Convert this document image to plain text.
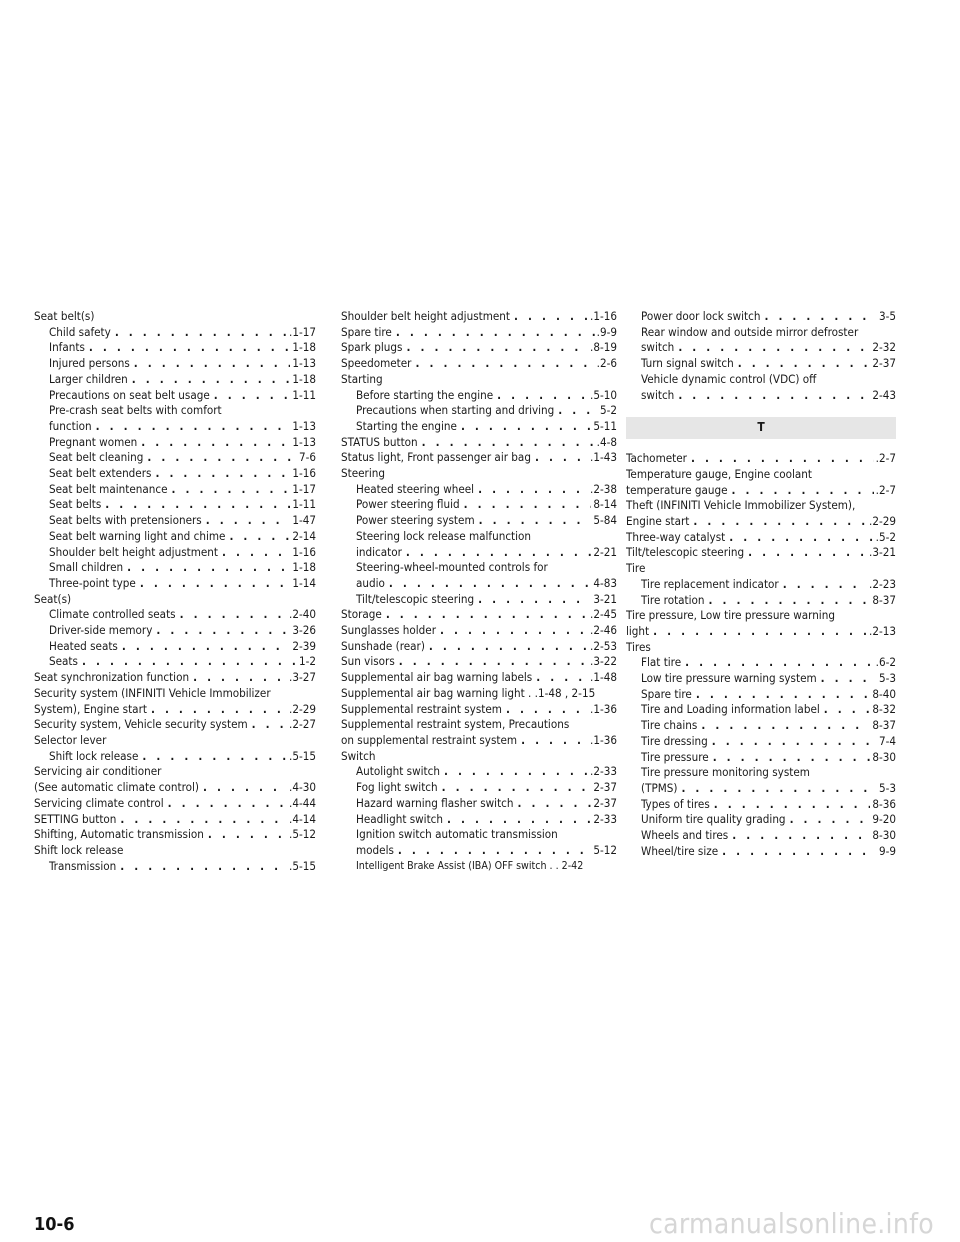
Seat belt(s)
Child safety . . .	.1-17
Infants . . .	1-18
Injured persons . . .	1-13
Larger children . . .	1-18
Precautions on seat belt usage . . .	1-11
Pre-crash seat belts with comfort
function . . .	1-13
Pregnant women . . .	1-13
Seat belt cleaning . . .	7-6
Seat belt extenders . . .	1-16
Seat belt maintenance . . .	1-17
Seat belts . . .	1-11
Seat belts with pretensioners . . .	1-47
Seat belt warning light and chime . . .	2-14
Shoulder belt height adjustment . . .	1-16
Small children . . .	1-18
Three-point type . . .	1-14
Seat(s)
Climate controlled seats . . .	.2-40
Driver-side memory . . .	3-26
Heated seats . . .	2-39
Seats . . .	1-2
Seat synchronization function . . .	.3-27
Security system (INFINITI Vehicle Immobilizer
System), Engine start . . .	.2-29
Security system, Vehicle security system . . .	.2-27
Selector lever
Shift lock release . . .	.5-15
Servicing air conditioner
(See automatic climate control) . . .	.4-30
Servicing climate control . . .	.4-44
SETTING button . . .	.4-14
Shifting, Automatic transmission . . .	.5-12
Shift lock release
Transmission . . .	.5-15
Shoulder belt height adjustment . . .	.1-16
Spare tire . . .	.9-9
Spark plugs . . .	.8-19
Speedometer . . .	.2-6
Starting
Before starting the engine . . .	.5-10
Precautions when starting and driving . . .	5-2
Starting the engine . . .	5-11
STATUS button . . .	.4-8
Status light, Front passenger air bag . . .	.1-43
Steering
Heated steering wheel . . .	.2-38
Power steering fluid . . .	8-14
Power steering system . . .	5-84
Steering lock release malfunction
indicator . . .	2-21
Steering-wheel-mounted controls for
audio . . .	4-83
Tilt/telescopic steering . . .	3-21
Storage . . .	.2-45
Sunglasses holder . . .	.2-46
Sunshade (rear) . . .	.2-53
Sun visors . . .	.3-22
Supplemental air bag warning labels . . .	.1-48
Supplemental air bag warning light . .1-48 , 2-15
Supplemental restraint system . . .	.1-36
Supplemental restraint system, Precautions
on supplemental restraint system . . .	.1-36
Switch
Autolight switch . . .	.2-33
Fog light switch . . .	2-37
Hazard warning flasher switch . . .	2-37
Headlight switch . . .	2-33
Ignition switch automatic transmission
models . . .	5-12
Intelligent Brake Assist (IBA) OFF switch . . 2-42
Power door lock switch . . .	3-5
Rear window and outside mirror defroster
switch . . .	2-32
Turn signal switch . . .	2-37
Vehicle dynamic control (VDC) off
switch . . .	2-43
T
Tachometer . . .	.2-7
Temperature gauge, Engine coolant
temperature gauge . . .	.2-7
Theft (INFINITI Vehicle Immobilizer System),
Engine start . . .	.2-29
Three-way catalyst . . .	.5-2
Tilt/telescopic steering . . .	.3-21
Tire
Tire replacement indicator . . .	.2-23
Tire rotation . . .	8-37
Tire pressure, Low tire pressure warning
light . . .	.2-13
Tires
Flat tire . . .	.6-2
Low tire pressure warning system . . .	5-3
Spare tire . . .	8-40
Tire and Loading information label . . .	8-32
Tire chains . . .	8-37
Tire dressing . . .	7-4
Tire pressure . . .	8-30
Tire pressure monitoring system
(TPMS) . . .	5-3
Types of tires . . .	8-36
Uniform tire quality grading . . .	9-20
Wheels and tires . . .	8-30
Wheel/tire size . . .	9-9
10-6	carmanualsonline.info
